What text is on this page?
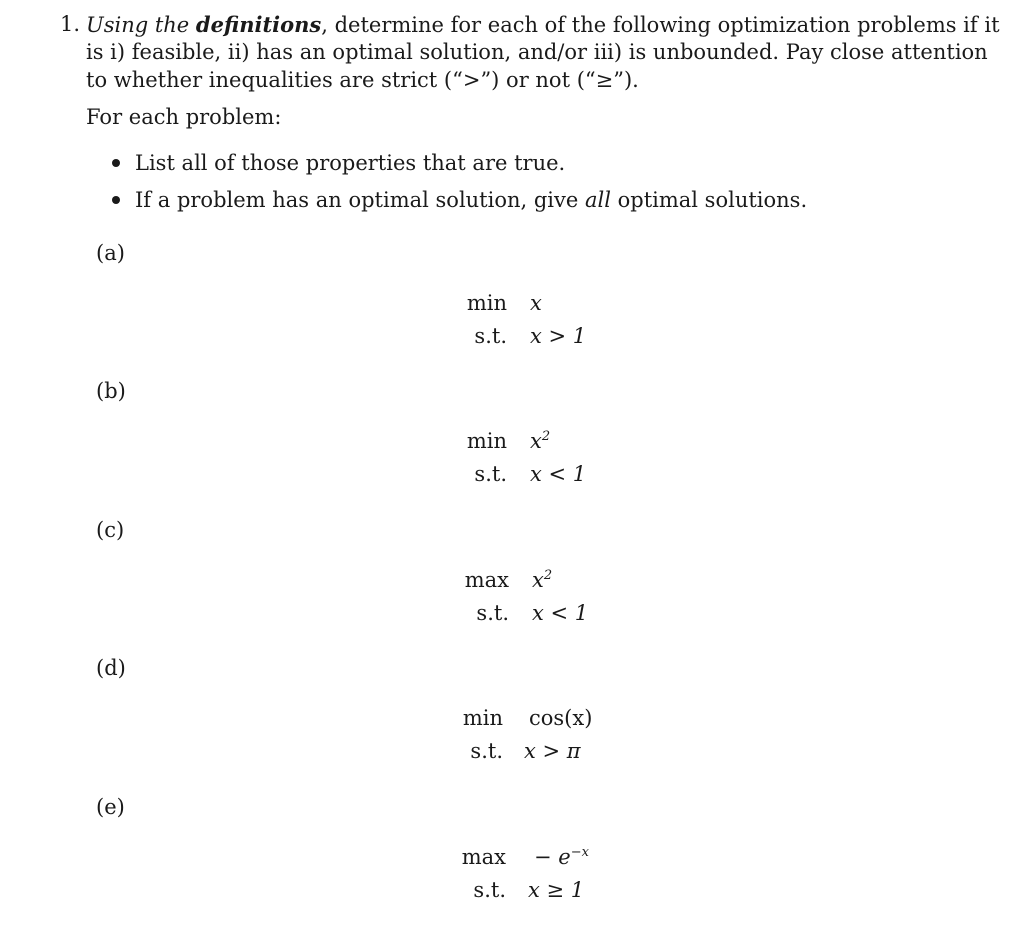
1. Using the definitions, determine for each of the following optimization problems if it
is i) feasible, ii) has an optimal solution, and/or iii) is unbounded. Pay close attention
to whether inequalities are strict (“>”) or not (“≥”).
For each problem:
List all of those properties that are true.
If a problem has an optimal solution, give all optimal solutions.
(a)
min x
s.t. x > 1
(b)
$\min x^2$
s.t. x < 1
(c)
$\max x^2$
s.t. x < 1
(d)
min cos(x)
s.t. x > π
(e)
$\max - e^{-x}$
s.t. x ≥ 1
